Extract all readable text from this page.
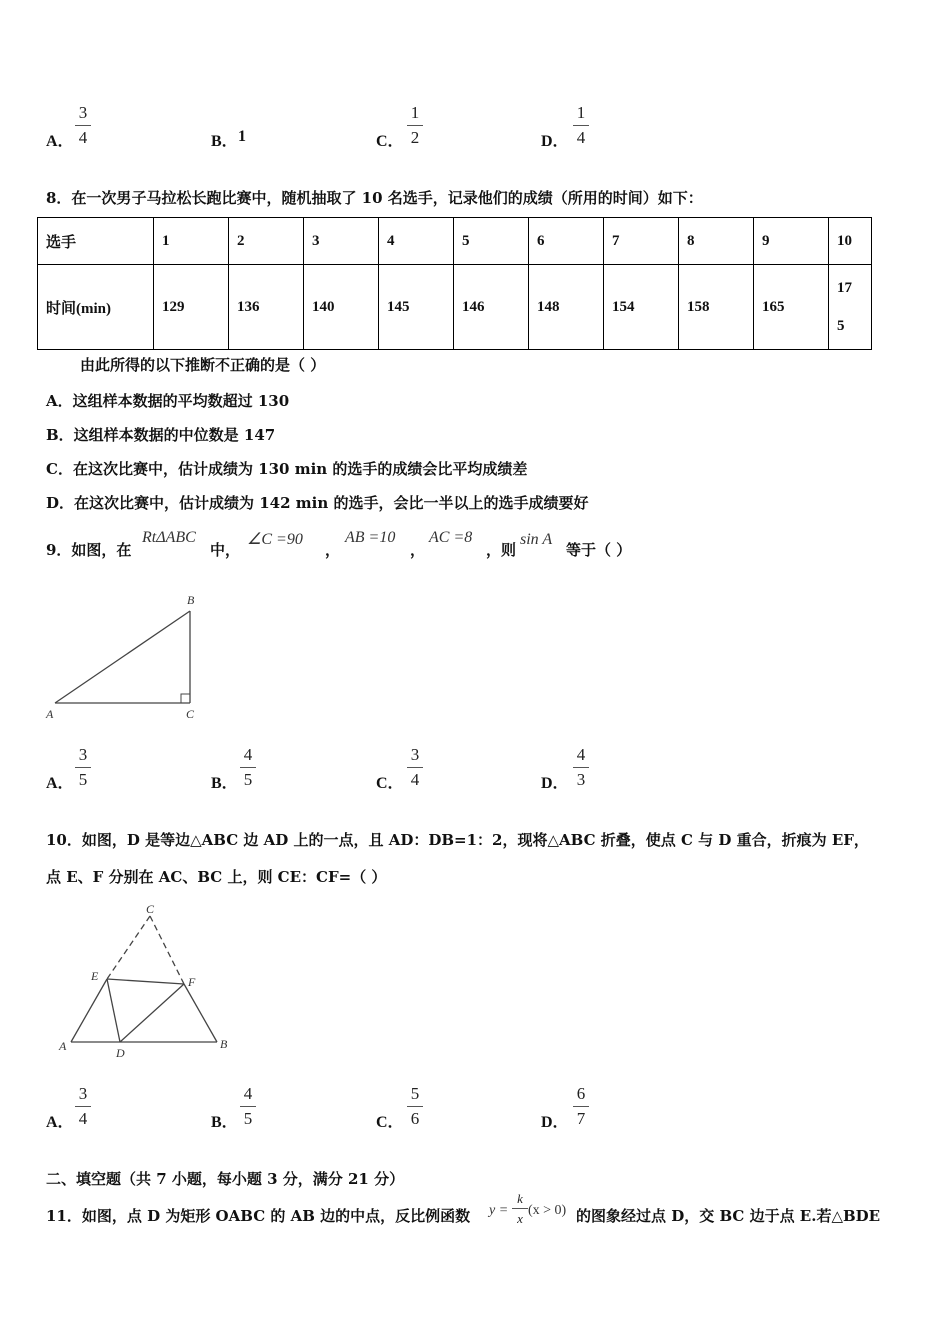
A．
3
4	B． 1	C．
1
2	D．
1
4
8．在一次男子马拉松长跑比赛中，随机抽取了 10 名选手，记录他们的成绩（所用的时间）如下：
选手	1	2	3	4	5	6	7	8	9	10
时间(min)	129	136	140	145	146	148	154	158	165	17
5
由此所得的以下推断不正确的是（ ）
A．这组样本数据的平均数超过 130
B．这组样本数据的中位数是 147
C．在这次比赛中，估计成绩为 130 min 的选手的成绩会比平均成绩差
D．在这次比赛中，估计成绩为 142 min 的选手，会比一半以上的选手成绩要好
9．如图，在
RtΔABC
中，
∠C =90
，
AB =10
，
AC =8
，则
sin A
等于（ ）
B
A	C
A．
3
5	B．
4
5	C．
3
4	D．
4
3
10．如图，D 是等边△ABC 边 AD 上的一点，且 AD：DB=1：2，现将△ABC 折叠，使点 C 与 D 重合，折痕为 EF，
点 E、F 分别在 AC、BC 上，则 CE：CF=（ ）
C
E	F
A	D
B
A．
3
4	B．
4
5	C．
5
6	D．
6
7
二、填空题（共 7 小题，每小题 3 分，满分 21 分）
11．如图，点 D 为矩形 OABC 的 AB 边的中点，反比例函数 y =
k
x
(x > 0) 的图象经过点 D，交 BC 边于点 E.若△BDE
